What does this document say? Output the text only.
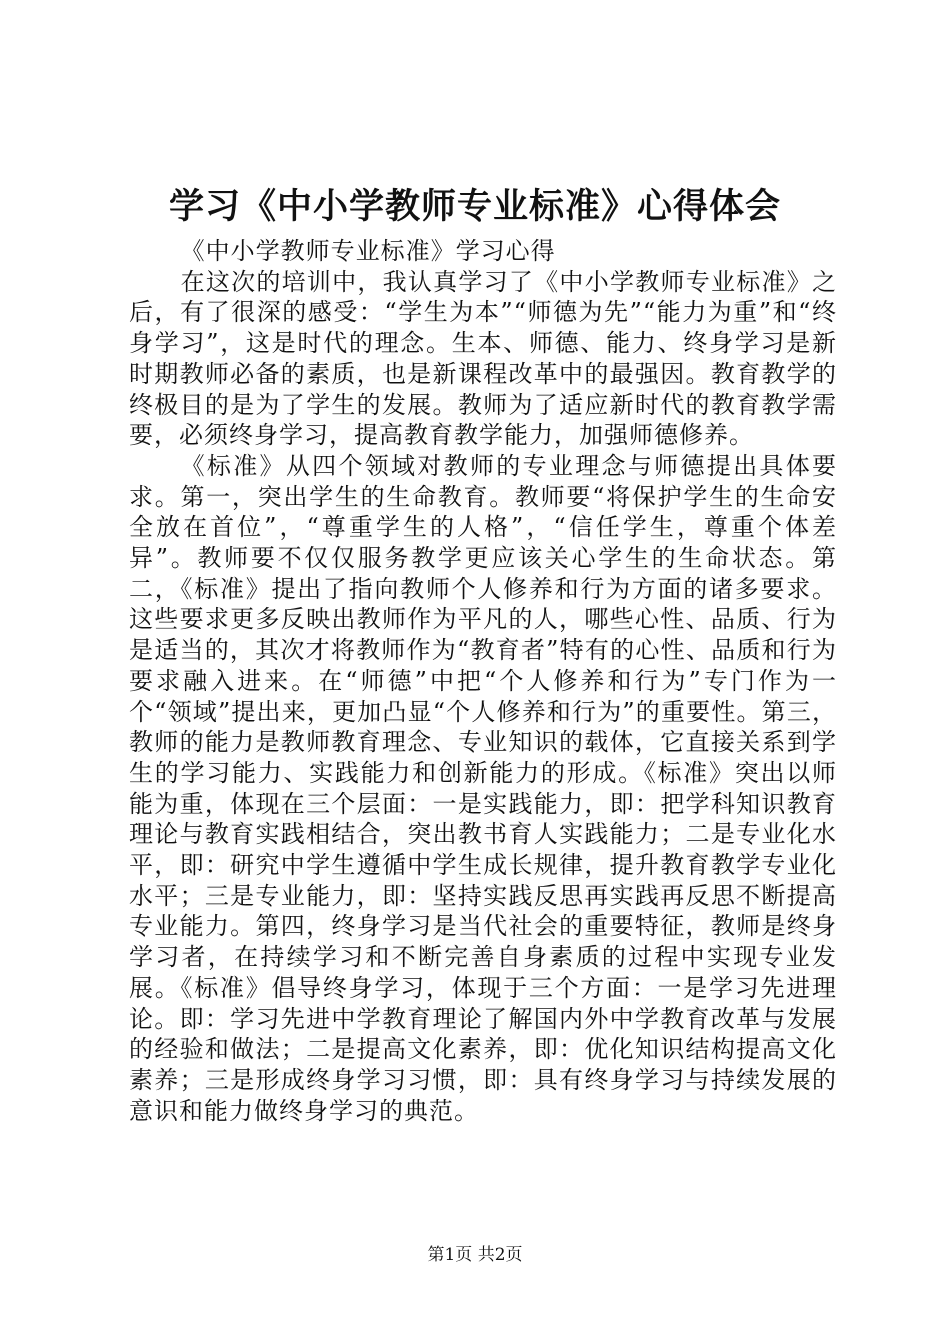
学习《中小学教师专业标准》心得体会

《中小学教师专业标准》学习心得

在这次的培训中，我认真学习了《中小学教师专业标准》之后，有了很深的感受：“学生为本”“师德为先”“能力为重”和“终身学习”，这是时代的理念。生本、师德、能力、终身学习是新时期教师必备的素质，也是新课程改革中的最强因。教育教学的终极目的是为了学生的发展。教师为了适应新时代的教育教学需要，必须终身学习，提高教育教学能力，加强师德修养。

《标准》从四个领域对教师的专业理念与师德提出具体要求。第一，突出学生的生命教育。教师要“将保护学生的生命安全放在首位”，“尊重学生的人格”，“信任学生，尊重个体差异”。教师要不仅仅服务教学更应该关心学生的生命状态。第二，《标准》提出了指向教师个人修养和行为方面的诸多要求。这些要求更多反映出教师作为平凡的人，哪些心性、品质、行为是适当的，其次才将教师作为“教育者”特有的心性、品质和行为要求融入进来。在“师德”中把“个人修养和行为”专门作为一个“领域”提出来，更加凸显“个人修养和行为”的重要性。第三，教师的能力是教师教育理念、专业知识的载体，它直接关系到学生的学习能力、实践能力和创新能力的形成。《标准》突出以师能为重，体现在三个层面：一是实践能力，即：把学科知识教育理论与教育实践相结合，突出教书育人实践能力；二是专业化水平，即：研究中学生遵循中学生成长规律，提升教育教学专业化水平；三是专业能力，即：坚持实践反思再实践再反思不断提高专业能力。第四，终身学习是当代社会的重要特征，教师是终身学习者，在持续学习和不断完善自身素质的过程中实现专业发展。《标准》倡导终身学习，体现于三个方面：一是学习先进理论。即：学习先进中学教育理论了解国内外中学教育改革与发展的经验和做法；二是提高文化素养，即：优化知识结构提高文化素养；三是形成终身学习习惯，即：具有终身学习与持续发展的意识和能力做终身学习的典范。

第1页 共2页
